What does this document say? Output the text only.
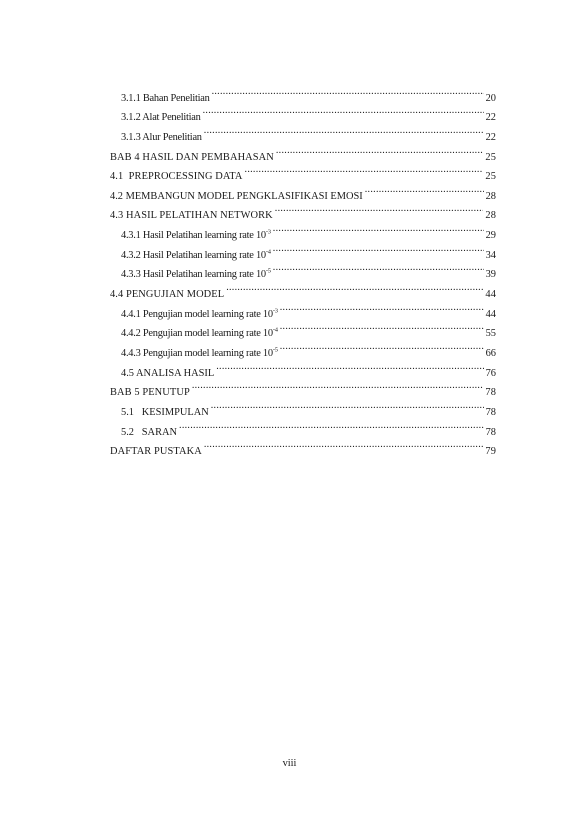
3.1.1 Bahan Penelitian .....	20
3.1.2 Alat Penelitian .....	22
3.1.3 Alur Penelitian .....	22
BAB 4 HASIL DAN PEMBAHASAN .....	25
4.1  PREPROCESSING DATA .....	25
4.2 MEMBANGUN MODEL PENGKLASIFIKASI EMOSI .....	28
4.3 HASIL PELATIHAN NETWORK .....	28
4.3.1 Hasil Pelatihan learning rate $10^{-3}$ .....	29
4.3.2 Hasil Pelatihan learning rate $10^{-4}$ .....	34
4.3.3 Hasil Pelatihan learning rate $10^{-5}$ .....	39
4.4 PENGUJIAN MODEL .....	44
4.4.1 Pengujian model learning rate $10^{-3}$ .....	44
4.4.2 Pengujian model learning rate $10^{-4}$ .....	55
4.4.3 Pengujian model learning rate $10^{-5}$ .....	66
4.5 ANALISA HASIL .....	76
BAB 5 PENUTUP .....	78
5.1   KESIMPULAN .....	78
5.2   SARAN .....	78
DAFTAR PUSTAKA .....	79
viii
